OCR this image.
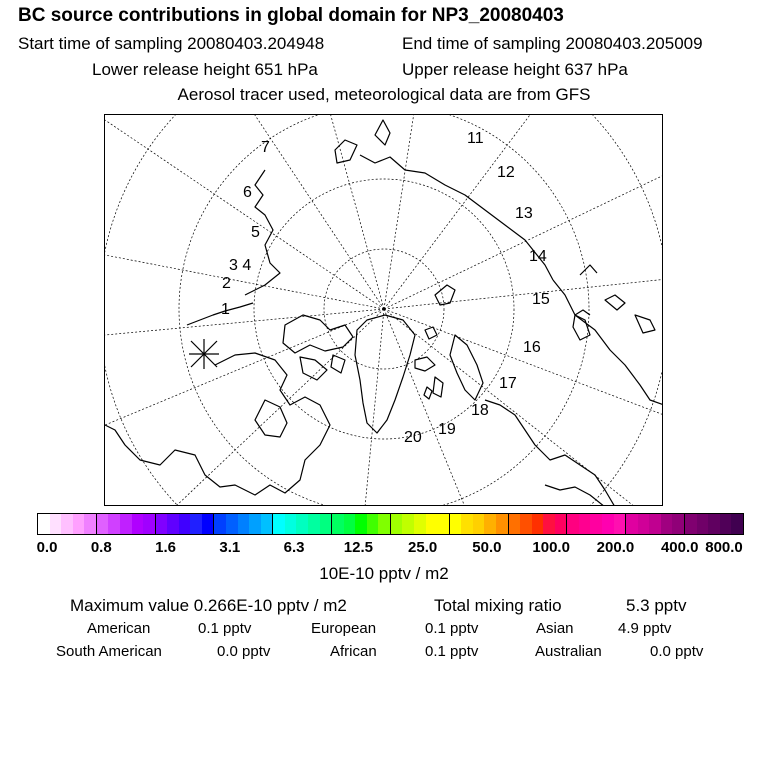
BC source contributions in global domain for NP3_20080403
Start time of sampling 20080403.204948	End time of sampling 20080403.205009
Lower release height 651 hPa	Upper release height 637 hPa
Aerosol tracer used, meteorological data are from GFS
1
2
3 4
5
6
7
11
12
13
14
15
16
17
18
19
20
0.0 0.8	1.6	3.1	6.3	12.5 25.0 50.0 100.0 200.0 400.0 800.0
10E-10 pptv / m2
Maximum value 0.266E-10 pptv / m2	Total mixing ratio	5.3 pptv
American	0.1 pptv	European	0.1 pptv	Asian	4.9 pptv
South American	0.0 pptv	African	0.1 pptv	Australian	0.0 pptv
